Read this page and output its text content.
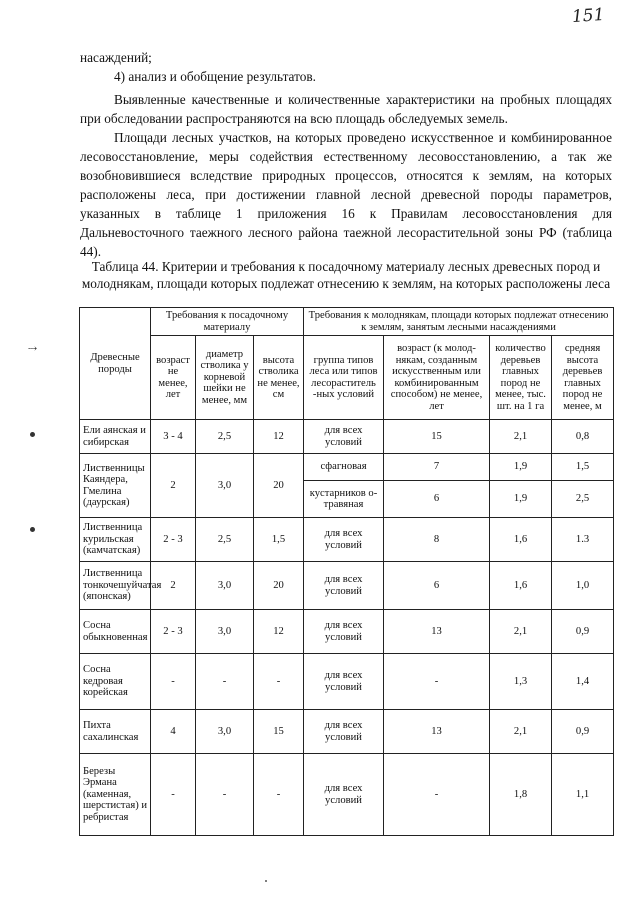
151

насаждений;

4) анализ и обобщение результатов.

Выявленные качественные и количественные характеристики на пробных площадях при обследовании распространяются на всю площадь обследуемых земель.

Площади лесных участков, на которых проведено искусственное и комбинированное лесовосстановление, меры содействия естественному лесовосстановлению, а так же возобновившиеся вследствие природных процессов, относятся к землям, на которых расположены леса, при достижении главной лесной древесной породы параметров, указанных в таблице 1 приложения 16 к Правилам лесовосстановления для Дальневосточного таежного лесного района таежной лесорастительной зоны РФ (таблица 44).

Таблица 44. Критерии и требования к посадочному материалу лесных древесных пород и молоднякам, площади которых подлежат отнесению к землям, на которых расположены леса
⇢
Древесные породы	Требования к посадочному материалу			Требования к молоднякам, площади которых подлежат отнесению к землям, занятым лесными насаждениями			
	возраст не менее, лет	диаметр стволика у корневой шейки не менее, мм	высота стволика не менее, см	группа типов леса или типов лесораститель -ных условий	возраст (к молод-някам, созданным искусственным или комбинированным способом) не менее, лет	количество деревьев главных пород не менее, тыс. шт. на 1 га	средняя высота деревьев главных пород не менее, м
Ели аянская и сибирская	3 - 4	2,5	12	для всех условий	15	2,1	0,8
Лиственницы Каяндера, Гмелина (даурская)	2	3,0	20	сфагновая	7	1,9	1,5
				кустарников о-травяная	6	1,9	2,5
Лиственница курильская (камчатская)	2 - 3	2,5	1,5	для всех условий	8	1,6	1.3
Лиственница тонкочешуйчатая (японская)	2	3,0	20	для всех условий	6	1,6	1,0
Сосна обыкновенная	2 - 3	3,0	12	для всех условий	13	2,1	0,9
Сосна кедровая корейская	-	-	-	для всех условий	-	1,3	1,4
Пихта сахалинская	4	3,0	15	для всех условий	13	2,1	0,9
Березы Эрмана (каменная, шерстистая) и ребристая	-	-	-	для всех условий	-	1,8	1,1
